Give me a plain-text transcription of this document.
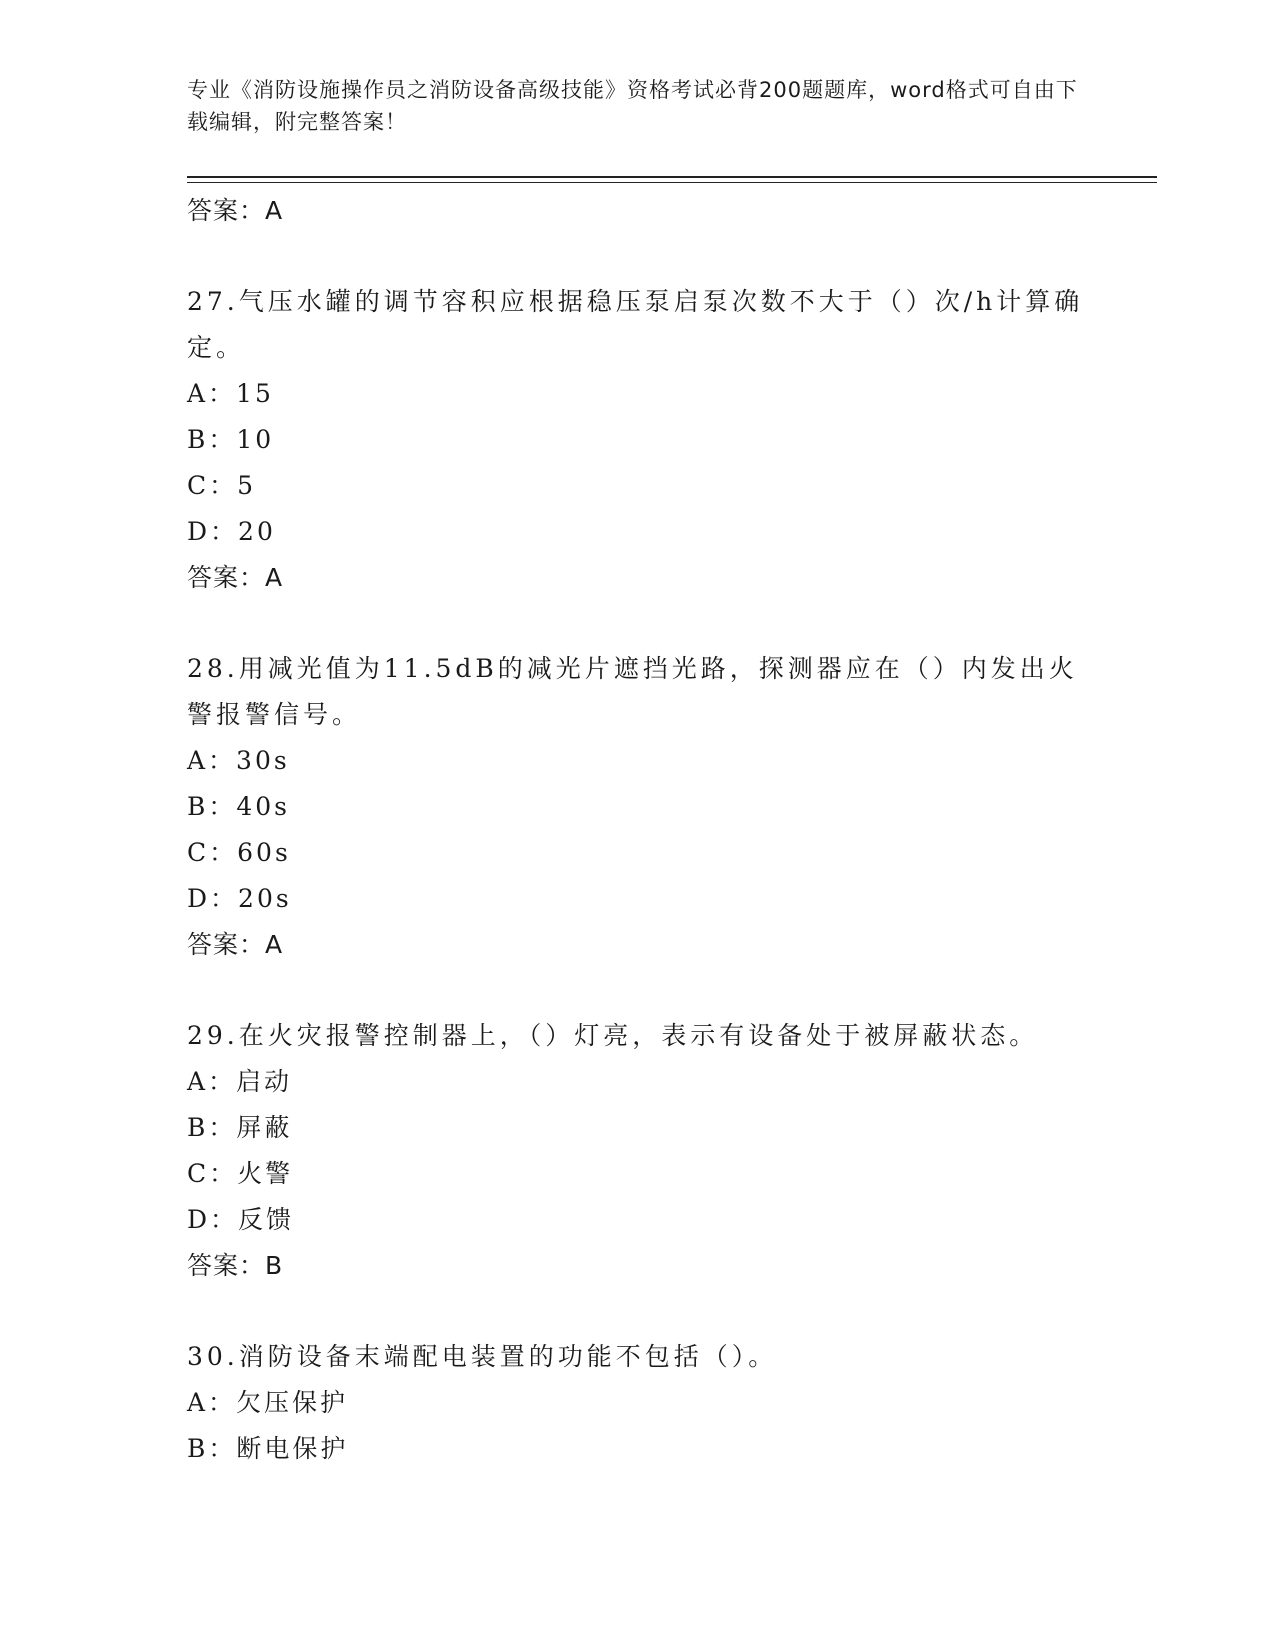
专业《消防设施操作员之消防设备高级技能》资格考试必背200题题库，word格式可自由下载编辑，附完整答案！
答案：A
27.气压水罐的调节容积应根据稳压泵启泵次数不大于（）次/h计算确定。
A：15
B：10
C：5
D：20
答案：A
28.用减光值为11.5dB的减光片遮挡光路，探测器应在（）内发出火警报警信号。
A：30s
B：40s
C：60s
D：20s
答案：A
29.在火灾报警控制器上，（）灯亮，表示有设备处于被屏蔽状态。
A：启动
B：屏蔽
C：火警
D：反馈
答案：B
30.消防设备末端配电装置的功能不包括（）。
A：欠压保护
B：断电保护
